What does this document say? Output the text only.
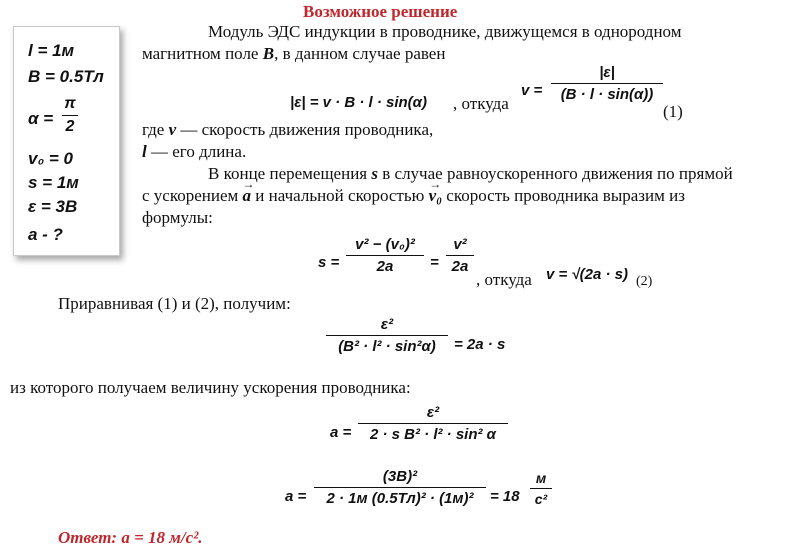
Возможное решение
l = 1м
B = 0.5Тл
α =
π
2
v₀ = 0
s = 1м
ε = 3В
a - ?
Модуль ЭДС индукции в проводнике, движущемся в однородном
магнитном поле B, в данном случае равен
|ε| = v · B · l · sin(α) , откуда
v =
|ε|
(B · l · sin(α))
(1)
где v — скорость движения проводника,
l — его длина.
В конце перемещения s в случае равноускоренного движения по прямой
с ускорением → a и начальной скоростью → v₀ скорость проводника выразим из
формулы:
s =
v² − (v₀)²
2a	=
v²
2a
, откуда v = √(2a · s) (2)
Приравнивая (1) и (2), получим:
ε²
(B² · l² · sin²α)	= 2a · s
из которого получаем величину ускорения проводника:
a =
ε²
2 · s B² · l² · sin² α
a =
(3В)²
2 · 1м (0.5Тл)² · (1м)²	= 18
м
с²
Ответ: a = 18 м/с².
